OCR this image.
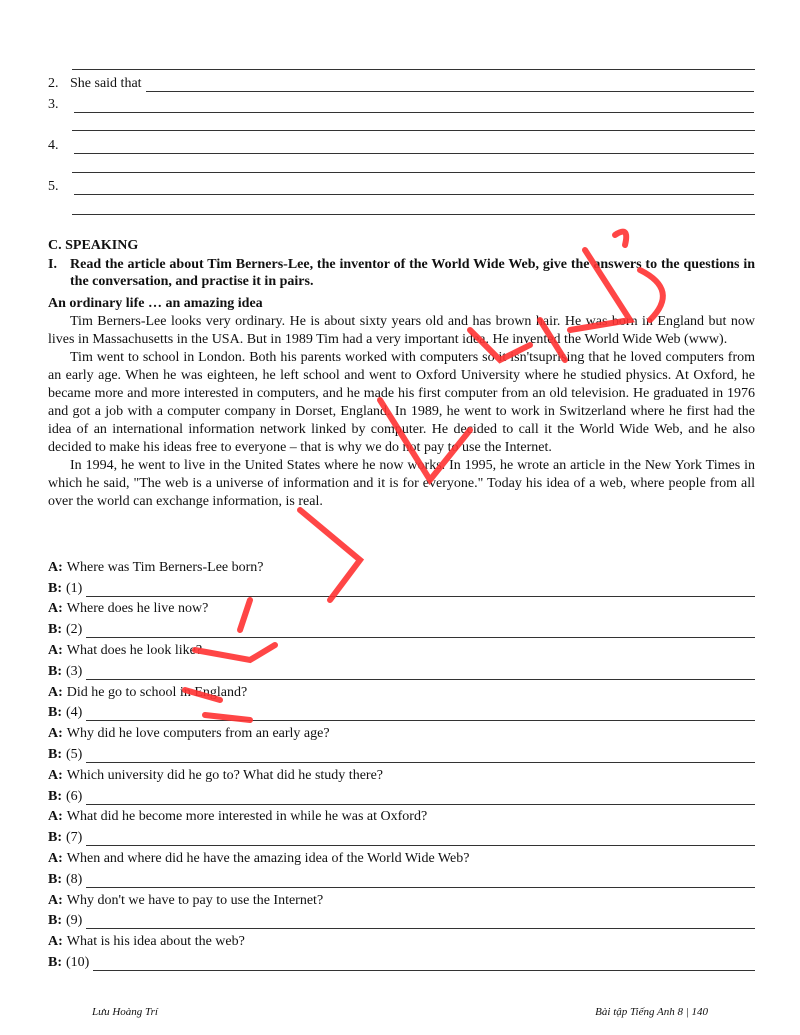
2. She said that
3.
4.
5.
C. SPEAKING
I. Read the article about Tim Berners-Lee, the inventor of the World Wide Web, give the answers to the questions in the conversation, and practise it in pairs.
An ordinary life … an amazing idea

Tim Berners-Lee looks very ordinary. He is about sixty years old and has brown hair. He was born in England but now lives in Massachusetts in the USA. But in 1989 Tim had a very important idea. He invented the World Wide Web (www).

Tim went to school in London. Both his parents worked with computers so it isn'tsuprising that he loved computers from an early age. When he was eighteen, he left school and went to Oxford University where he studied physics. At Oxford, he became more and more interested in computers, and he made his first computer from an old television. He graduated in 1976 and got a job with a computer company in Dorset, England. In 1989, he went to work in Switzerland where he first had the idea of an international information network linked by computer. He decided to call it the World Wide Web, and he also decided to make his ideas free to everyone – that is why we do not pay to use the Internet.

In 1994, he went to live in the United States where he now works. In 1995, he wrote an article in the New York Times in which he said, "The web is a universe of information and it is for everyone." Today his idea of a web, where people from all over the world can exchange information, is real.

A: Where was Tim Berners-Lee born?
B: (1)
A: Where does he live now?
B: (2)
A: What does he look like?
B: (3)
A: Did he go to school in England?
B: (4)
A: Why did he love computers from an early age?
B: (5)
A: Which university did he go to? What did he study there?
B: (6)
A: What did he become more interested in while he was at Oxford?
B: (7)
A: When and where did he have the amazing idea of the World Wide Web?
B: (8)
A: Why don't we have to pay to use the Internet?
B: (9)
A: What is his idea about the web?
B: (10)
Lưu Hoàng Trí	Bài tập Tiếng Anh 8 | 140
